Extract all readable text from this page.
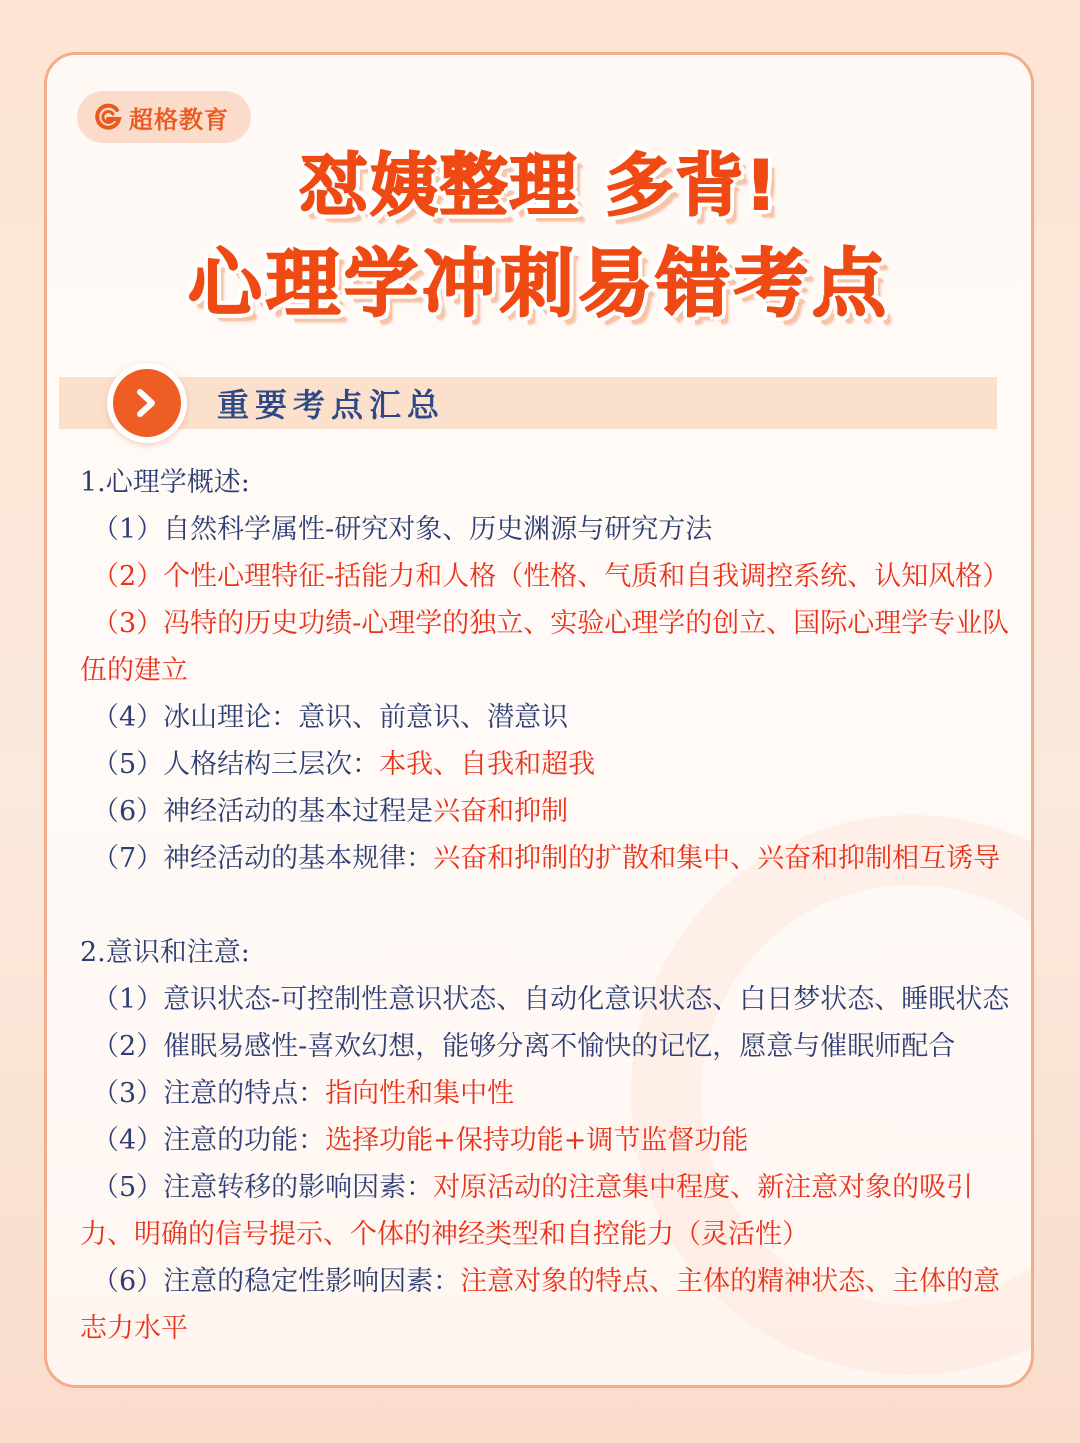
超格教育
怼姨整理 多背!
心理学冲刺易错考点
重要考点汇总
1.心理学概述:
（1）自然科学属性-研究对象、历史渊源与研究方法
（2）个性心理特征-括能力和人格（性格、气质和自我调控系统、认知风格）
（3）冯特的历史功绩-心理学的独立、实验心理学的创立、国际心理学专业队伍的建立
（4）冰山理论：意识、前意识、潜意识
（5）人格结构三层次：本我、自我和超我
（6）神经活动的基本过程是兴奋和抑制
（7）神经活动的基本规律：兴奋和抑制的扩散和集中、兴奋和抑制相互诱导
2.意识和注意:
（1）意识状态-可控制性意识状态、自动化意识状态、白日梦状态、睡眠状态
（2）催眠易感性-喜欢幻想，能够分离不愉快的记忆，愿意与催眠师配合
（3）注意的特点：指向性和集中性
（4）注意的功能：选择功能+保持功能+调节监督功能
（5）注意转移的影响因素：对原活动的注意集中程度、新注意对象的吸引力、明确的信号提示、个体的神经类型和自控能力（灵活性）
（6）注意的稳定性影响因素：注意对象的特点、主体的精神状态、主体的意志力水平
